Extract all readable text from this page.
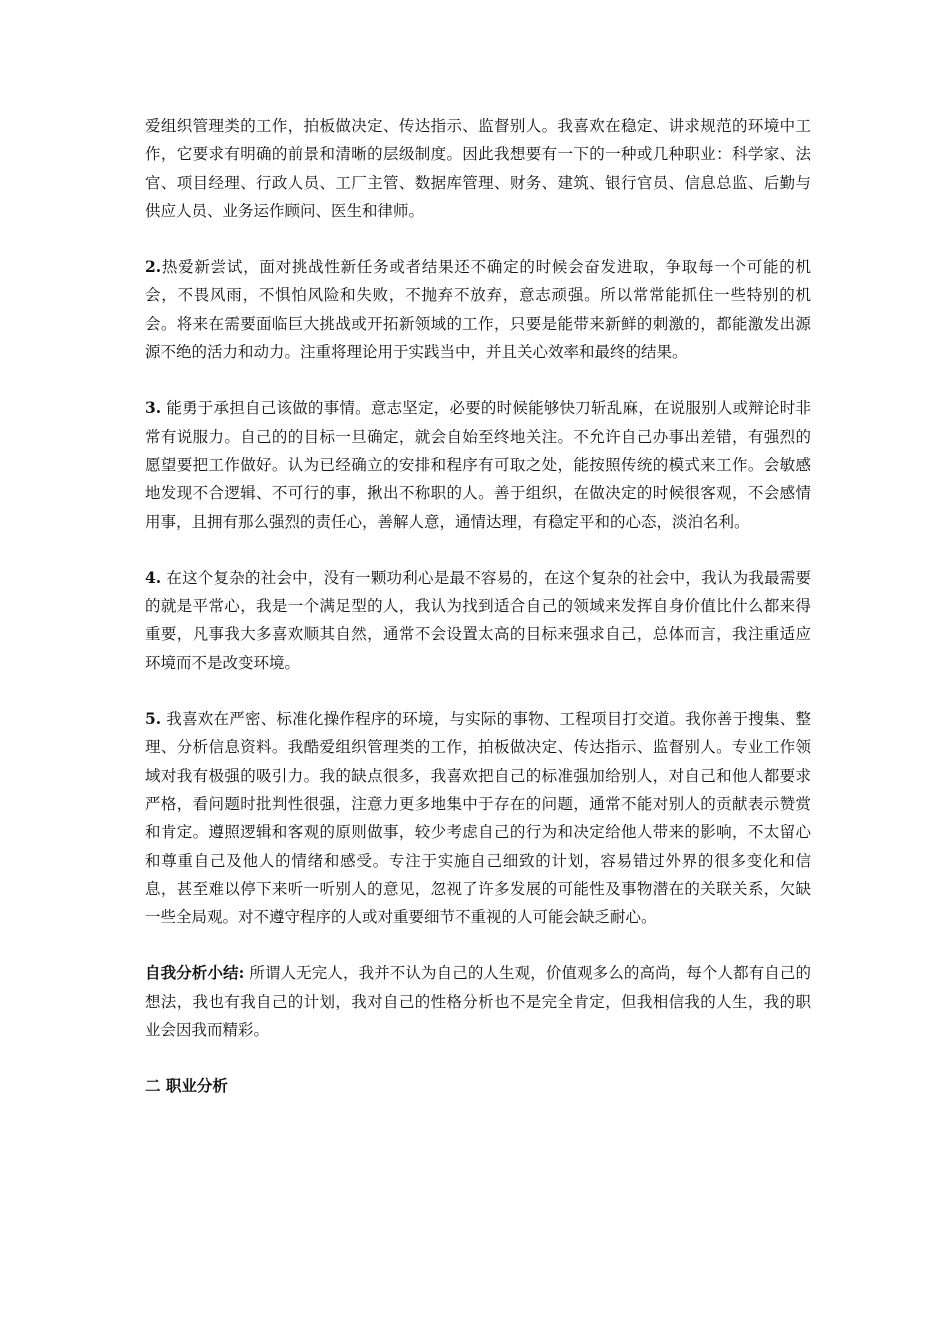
爱组织管理类的工作，拍板做决定、传达指示、监督别人。我喜欢在稳定、讲求规范的环境中工作，它要求有明确的前景和清晰的层级制度。因此我想要有一下的一种或几种职业：科学家、法官、项目经理、行政人员、工厂主管、数据库管理、财务、建筑、银行官员、信息总监、后勤与供应人员、业务运作顾问、医生和律师。

2.热爱新尝试，面对挑战性新任务或者结果还不确定的时候会奋发进取，争取每一个可能的机会，不畏风雨，不惧怕风险和失败，不抛弃不放弃，意志顽强。所以常常能抓住一些特别的机会。将来在需要面临巨大挑战或开拓新领域的工作，只要是能带来新鲜的刺激的，都能激发出源源不绝的活力和动力。注重将理论用于实践当中，并且关心效率和最终的结果。

3. 能勇于承担自己该做的事情。意志坚定，必要的时候能够快刀斩乱麻，在说服别人或辩论时非常有说服力。自己的的目标一旦确定，就会自始至终地关注。不允许自己办事出差错，有强烈的愿望要把工作做好。认为已经确立的安排和程序有可取之处，能按照传统的模式来工作。会敏感地发现不合逻辑、不可行的事，揪出不称职的人。善于组织，在做决定的时候很客观，不会感情用事，且拥有那么强烈的责任心，善解人意，通情达理，有稳定平和的心态，淡泊名利。

4. 在这个复杂的社会中，没有一颗功利心是最不容易的，在这个复杂的社会中，我认为我最需要的就是平常心，我是一个满足型的人，我认为找到适合自己的领域来发挥自身价值比什么都来得重要，凡事我大多喜欢顺其自然，通常不会设置太高的目标来强求自己，总体而言，我注重适应环境而不是改变环境。

5. 我喜欢在严密、标准化操作程序的环境，与实际的事物、工程项目打交道。我你善于搜集、整理、分析信息资料。我酷爱组织管理类的工作，拍板做决定、传达指示、监督别人。专业工作领域对我有极强的吸引力。我的缺点很多，我喜欢把自己的标准强加给别人，对自己和他人都要求严格，看问题时批判性很强，注意力更多地集中于存在的问题，通常不能对别人的贡献表示赞赏和肯定。遵照逻辑和客观的原则做事，较少考虑自己的行为和决定给他人带来的影响，不太留心和尊重自己及他人的情绪和感受。专注于实施自己细致的计划，容易错过外界的很多变化和信息，甚至难以停下来听一听别人的意见，忽视了许多发展的可能性及事物潜在的关联关系，欠缺一些全局观。对不遵守程序的人或对重要细节不重视的人可能会缺乏耐心。

自我分析小结: 所谓人无完人，我并不认为自己的人生观，价值观多么的高尚，每个人都有自己的想法，我也有我自己的计划，我对自己的性格分析也不是完全肯定，但我相信我的人生，我的职业会因我而精彩。

二 职业分析
